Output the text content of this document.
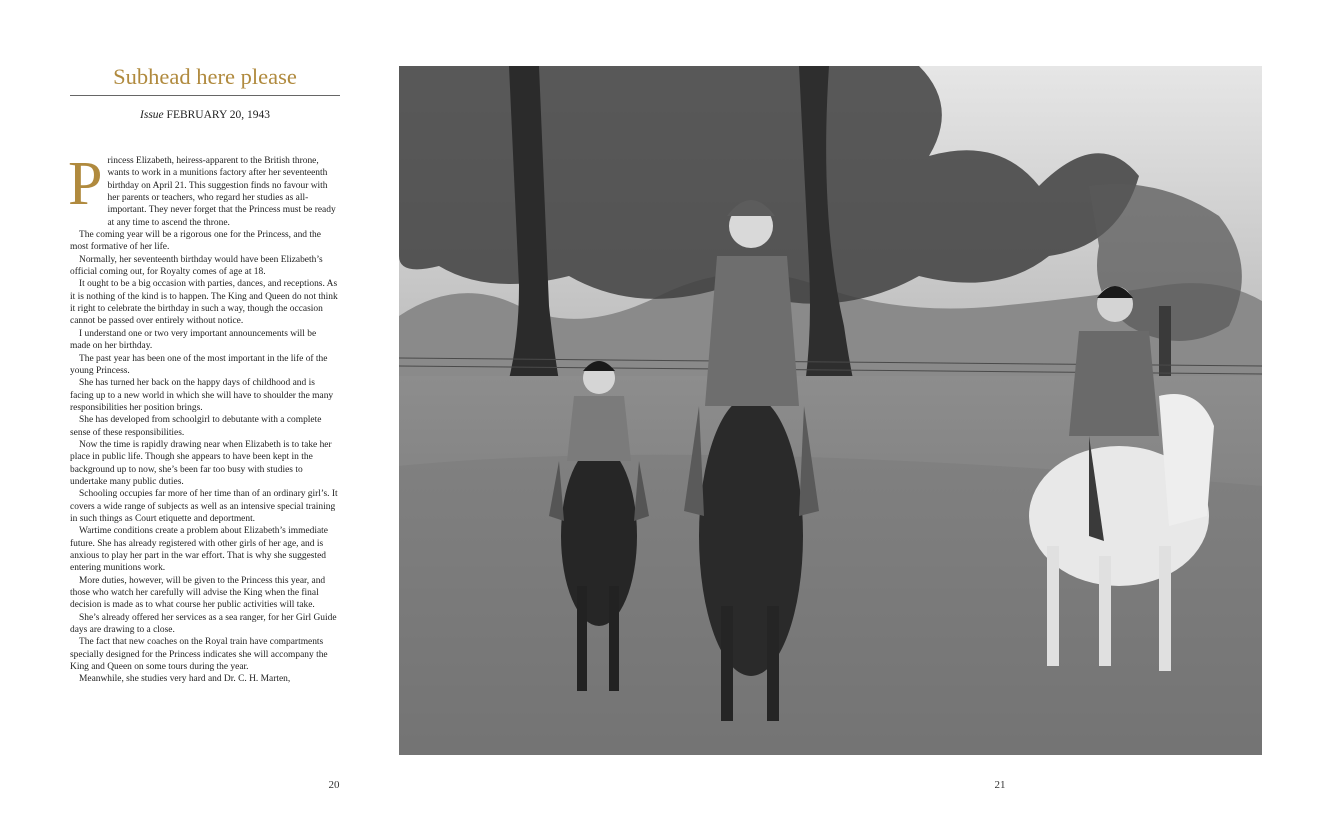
Subhead here please
Issue FEBRUARY 20, 1943

Princess Elizabeth, heiress-apparent to the British throne, wants to work in a munitions factory after her seventeenth birthday on April 21. This suggestion finds no favour with her parents or teachers, who regard her studies as all-important. They never forget that the Princess must be ready at any time to ascend the throne.

The coming year will be a rigorous one for the Princess, and the most formative of her life.

Normally, her seventeenth birthday would have been Elizabeth’s official coming out, for Royalty comes of age at 18.

It ought to be a big occasion with parties, dances, and receptions. As it is nothing of the kind is to happen. The King and Queen do not think it right to celebrate the birthday in such a way, though the occasion cannot be passed over entirely without notice.

I understand one or two very important announcements will be made on her birthday.

The past year has been one of the most important in the life of the young Princess.

She has turned her back on the happy days of childhood and is facing up to a new world in which she will have to shoulder the many responsibilities her position brings.

She has developed from schoolgirl to debutante with a complete sense of these responsibilities.

Now the time is rapidly drawing near when Elizabeth is to take her place in public life. Though she appears to have been kept in the background up to now, she’s been far too busy with studies to undertake many public duties.

Schooling occupies far more of her time than of an ordinary girl’s. It covers a wide range of subjects as well as an intensive special training in such things as Court etiquette and deportment.

Wartime conditions create a problem about Elizabeth’s immediate future. She has already registered with other girls of her age, and is anxious to play her part in the war effort. That is why she suggested entering munitions work.

More duties, however, will be given to the Princess this year, and those who watch her carefully will advise the King when the final decision is made as to what course her public activities will take.

She’s already offered her services as a sea ranger, for her Girl Guide days are drawing to a close.

The fact that new coaches on the Royal train have compartments specially designed for the Princess indicates she will accompany the King and Queen on some tours during the year.

Meanwhile, she studies very hard and Dr. C. H. Marten,

20	21
